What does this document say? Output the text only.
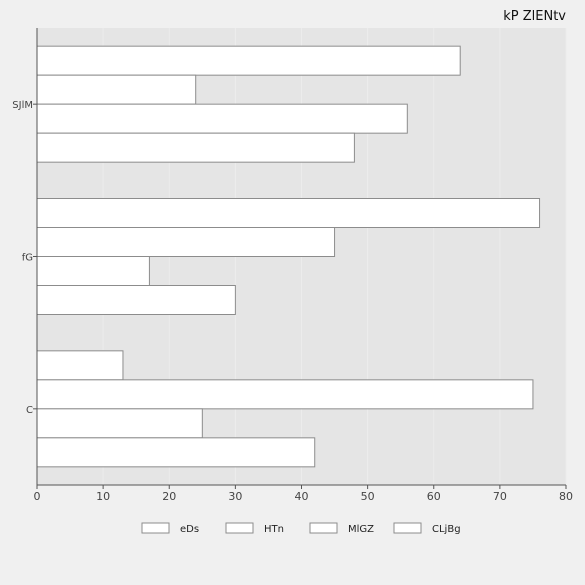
0	10	20	30	40	50	60	70	80
SJlM
fG
C
kP ZlENtv
eDs	HTn	MlGZ	CLjBg
